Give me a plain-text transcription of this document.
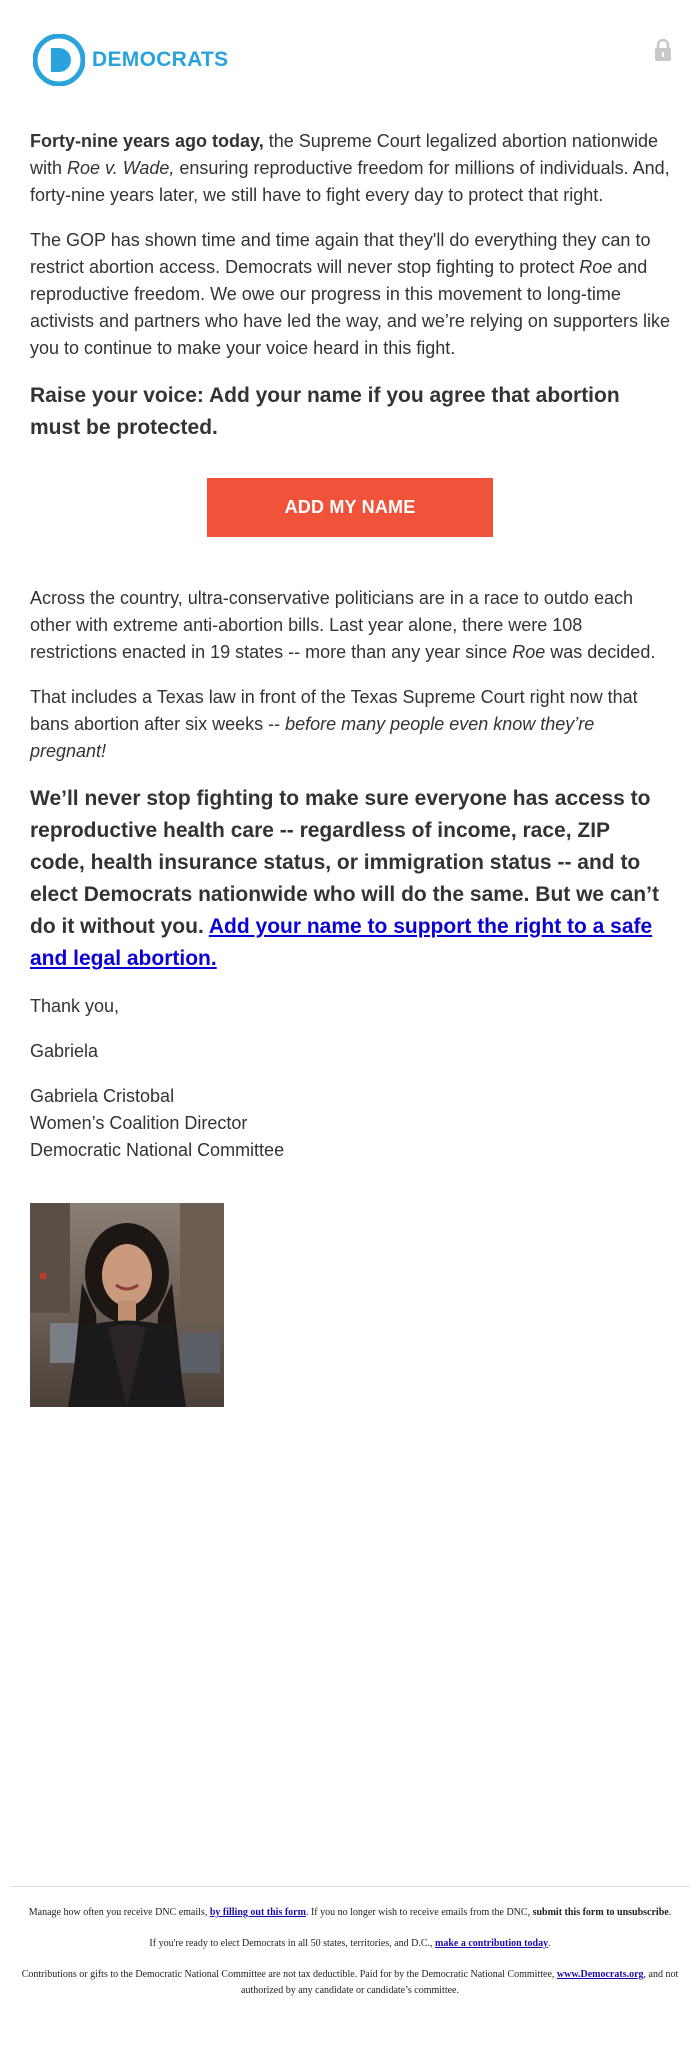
DEMOCRATS

Forty-nine years ago today, the Supreme Court legalized abortion nationwide with Roe v. Wade, ensuring reproductive freedom for millions of individuals. And, forty-nine years later, we still have to fight every day to protect that right.

The GOP has shown time and time again that they'll do everything they can to restrict abortion access. Democrats will never stop fighting to protect Roe and reproductive freedom. We owe our progress in this movement to long-time activists and partners who have led the way, and we’re relying on supporters like you to continue to make your voice heard in this fight.

Raise your voice: Add your name if you agree that abortion must be protected.

ADD MY NAME

Across the country, ultra-conservative politicians are in a race to outdo each other with extreme anti-abortion bills. Last year alone, there were 108 restrictions enacted in 19 states -- more than any year since Roe was decided.

That includes a Texas law in front of the Texas Supreme Court right now that bans abortion after six weeks -- before many people even know they’re pregnant!

We’ll never stop fighting to make sure everyone has access to reproductive health care -- regardless of income, race, ZIP code, health insurance status, or immigration status -- and to elect Democrats nationwide who will do the same. But we can’t do it without you. Add your name to support the right to a safe and legal abortion.

Thank you,

Gabriela

Gabriela Cristobal

Women’s Coalition Director

Democratic National Committee

Manage how often you receive DNC emails, by filling out this form. If you no longer wish to receive emails from the DNC, submit this form to unsubscribe.

If you're ready to elect Democrats in all 50 states, territories, and D.C., make a contribution today.

Contributions or gifts to the Democratic National Committee are not tax deductible. Paid for by the Democratic National Committee, www.Democrats.org, and not authorized by any candidate or candidate’s committee.
